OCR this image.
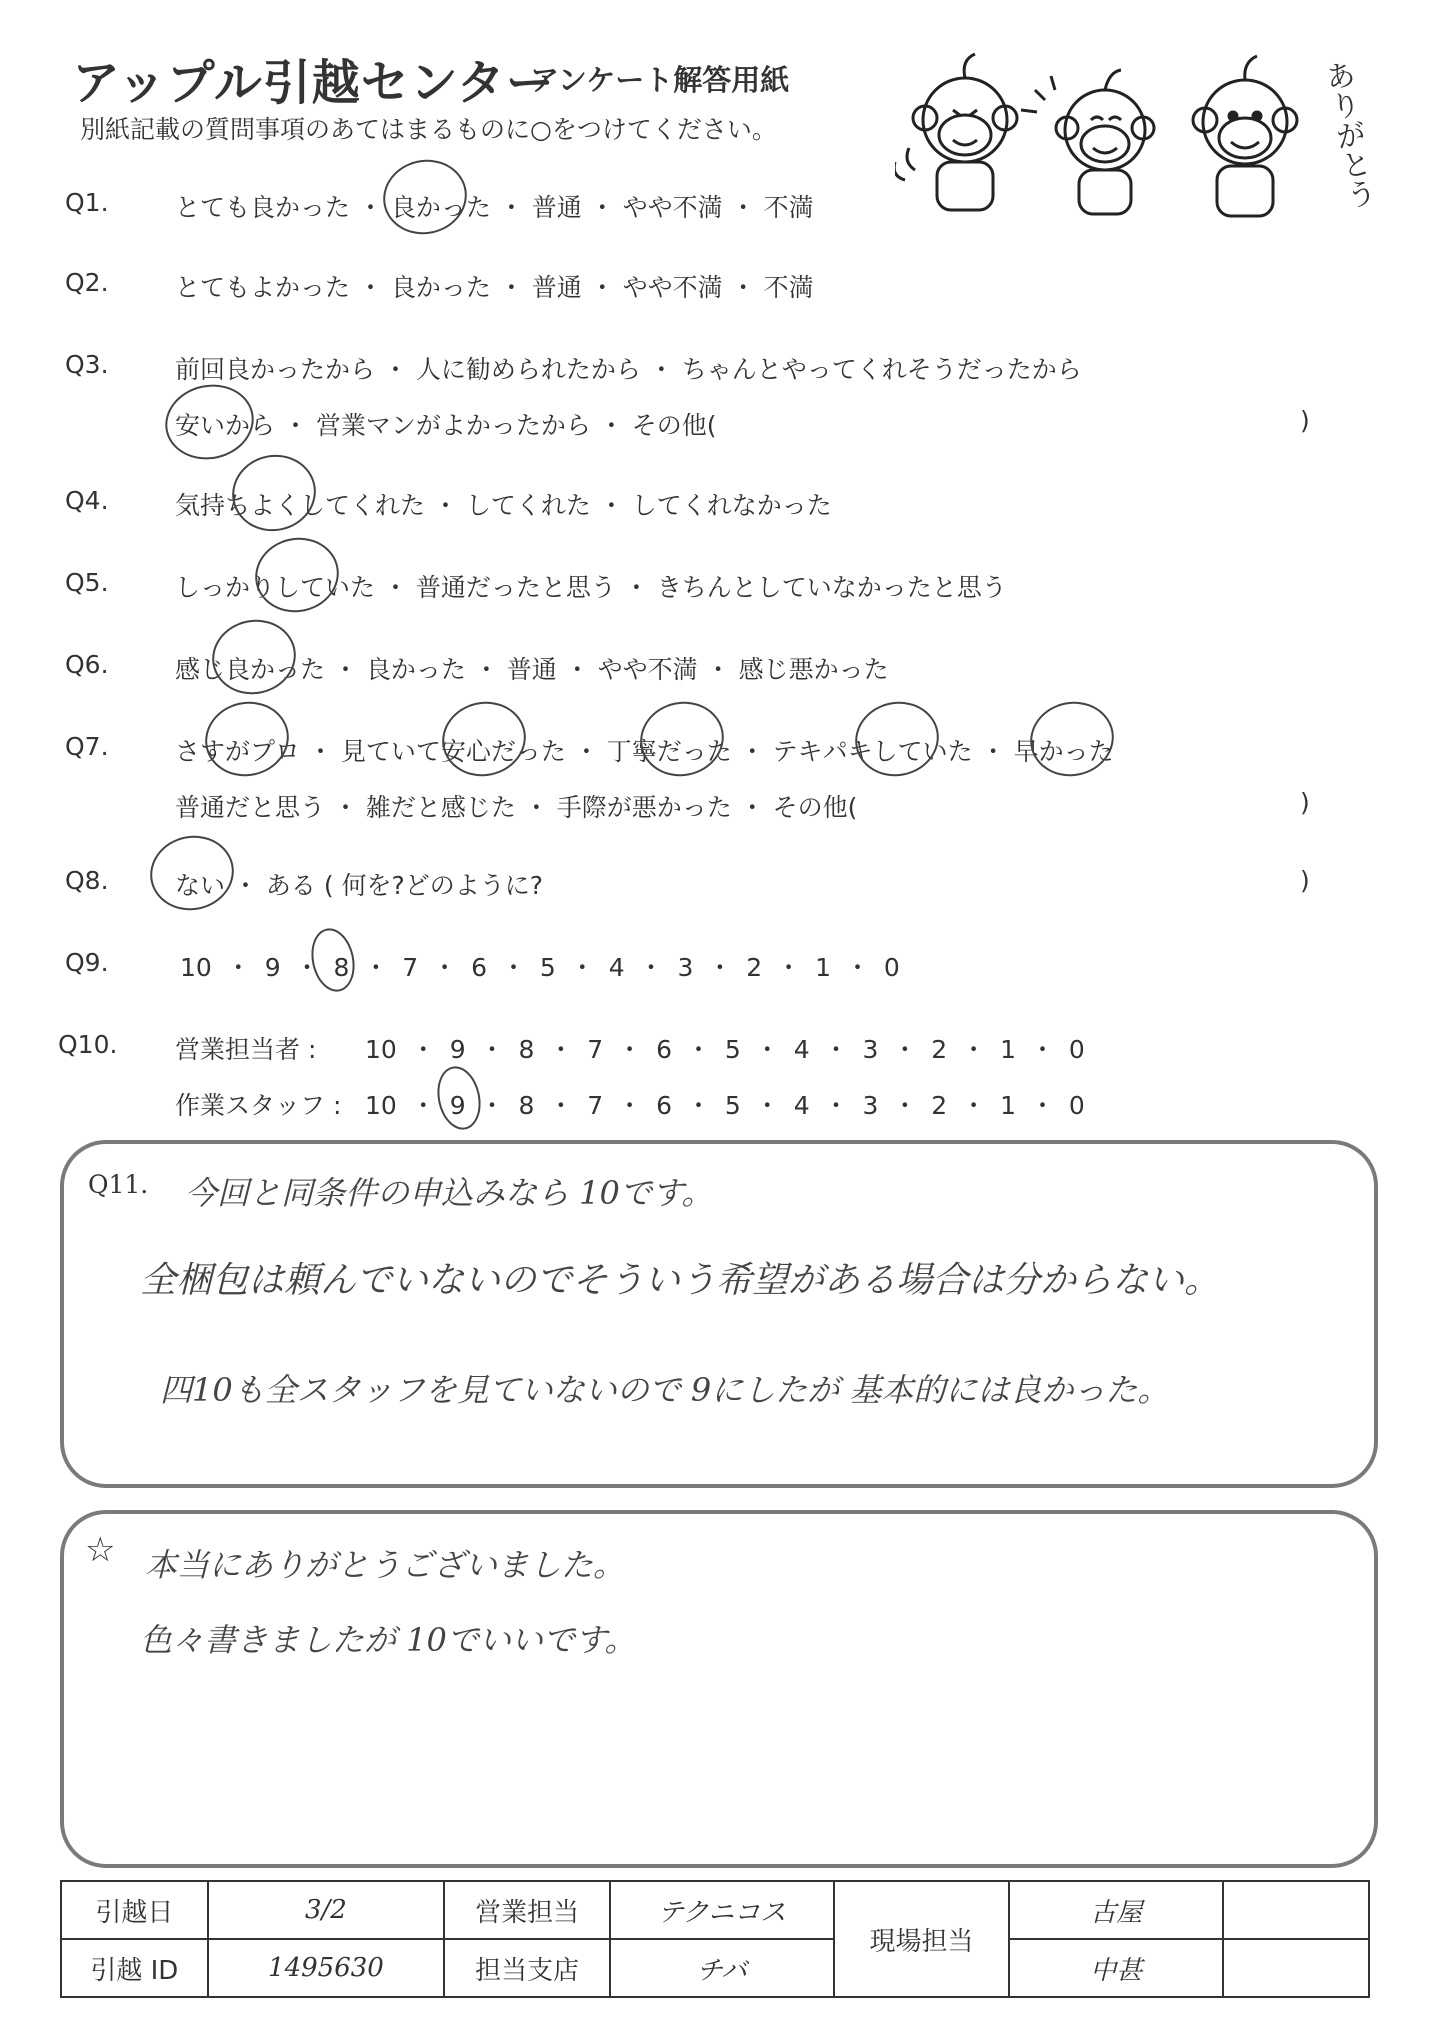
アップル引越センター
アンケート解答用紙
別紙記載の質問事項のあてはまるものに○をつけてください。	ありがとう
Q1.	とても良かった ・ 良かった ・ 普通 ・ やや不満 ・ 不満
Q2.	とてもよかった ・ 良かった ・ 普通 ・ やや不満 ・ 不満
Q3.	前回良かったから ・ 人に勧められたから ・ ちゃんとやってくれそうだったから
安いから ・ 営業マンがよかったから ・ その他(	)
Q4.	気持ちよくしてくれた ・ してくれた ・ してくれなかった
Q5.	しっかりしていた ・ 普通だったと思う ・ きちんとしていなかったと思う
Q6.	感じ良かった ・ 良かった ・ 普通 ・ やや不満 ・ 感じ悪かった
Q7.	さすがプロ ・ 見ていて安心だった ・ 丁寧だった ・ テキパキしていた ・ 早かった
普通だと思う ・ 雑だと感じた ・ 手際が悪かった ・ その他(	)
Q8.	ない ・ ある ( 何を?どのように?	)
Q9.	10 ・ 9 ・ 8 ・ 7 ・ 6 ・ 5 ・ 4 ・ 3 ・ 2 ・ 1 ・ 0
Q10. 営業担当者 : 10 ・ 9 ・ 8 ・ 7 ・ 6 ・ 5 ・ 4 ・ 3 ・ 2 ・ 1 ・ 0
作業スタッフ : 10 ・ 9 ・ 8 ・ 7 ・ 6 ・ 5 ・ 4 ・ 3 ・ 2 ・ 1 ・ 0
Q11. 今回と同条件の申込みなら 10です。
全梱包は頼んでいないのでそういう希望がある場合は分からない。
四10も全スタッフを見ていないので 9にしたが 基本的には良かった。
☆ 本当にありがとうございました。
色々書きましたが 10でいいです。
引越日	3/2	営業担当	テクニコス	現場担当	古屋	
引越 ID	1495630	担当支店	チバ		中甚	
